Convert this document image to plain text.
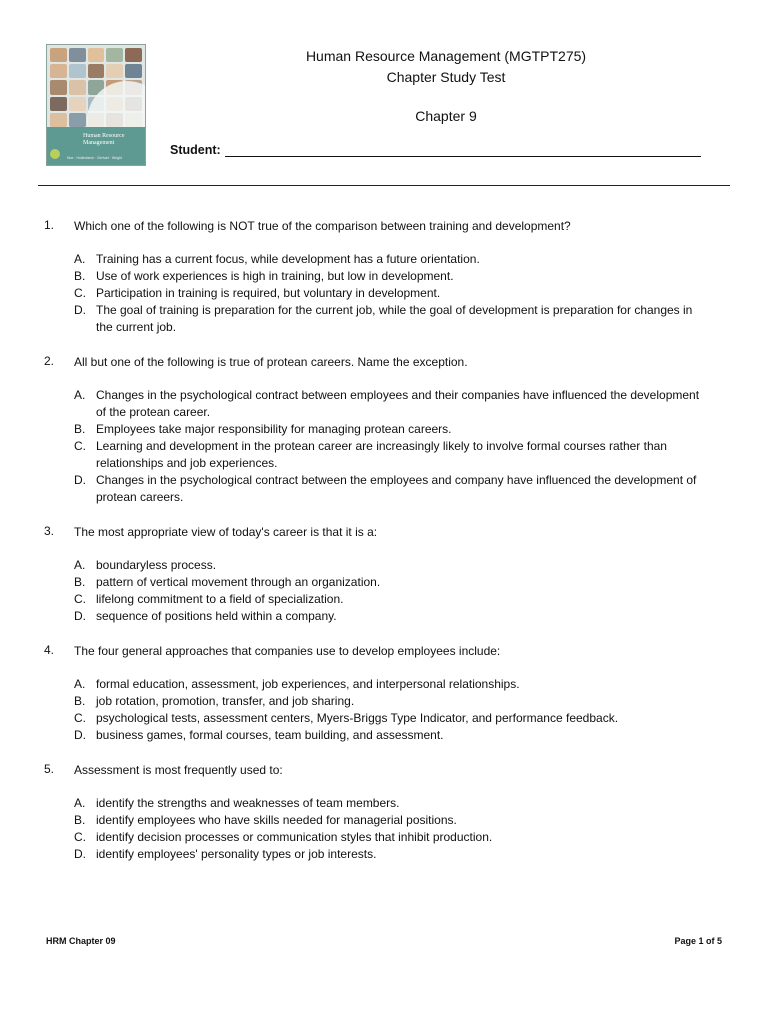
Human Resource Management
Noe · Hollenbeck · Gerhart · Wright
Human Resource Management (MGTPT275)
Chapter Study Test
Chapter 9
Student:
1. Which one of the following is NOT true of the comparison between training and development?
A. Training has a current focus, while development has a future orientation.
B. Use of work experiences is high in training, but low in development.
C. Participation in training is required, but voluntary in development.
D. The goal of training is preparation for the current job, while the goal of development is preparation for changes in the current job.
2. All but one of the following is true of protean careers. Name the exception.
A. Changes in the psychological contract between employees and their companies have influenced the development of the protean career.
B. Employees take major responsibility for managing protean careers.
C. Learning and development in the protean career are increasingly likely to involve formal courses rather than relationships and job experiences.
D. Changes in the psychological contract between the employees and company have influenced the development of protean careers.
3. The most appropriate view of today's career is that it is a:
A. boundaryless process.
B. pattern of vertical movement through an organization.
C. lifelong commitment to a field of specialization.
D. sequence of positions held within a company.
4. The four general approaches that companies use to develop employees include:
A. formal education, assessment, job experiences, and interpersonal relationships.
B. job rotation, promotion, transfer, and job sharing.
C. psychological tests, assessment centers, Myers-Briggs Type Indicator, and performance feedback.
D. business games, formal courses, team building, and assessment.
5. Assessment is most frequently used to:
A. identify the strengths and weaknesses of team members.
B. identify employees who have skills needed for managerial positions.
C. identify decision processes or communication styles that inhibit production.
D. identify employees' personality types or job interests.
HRM Chapter 09	Page 1 of 5
